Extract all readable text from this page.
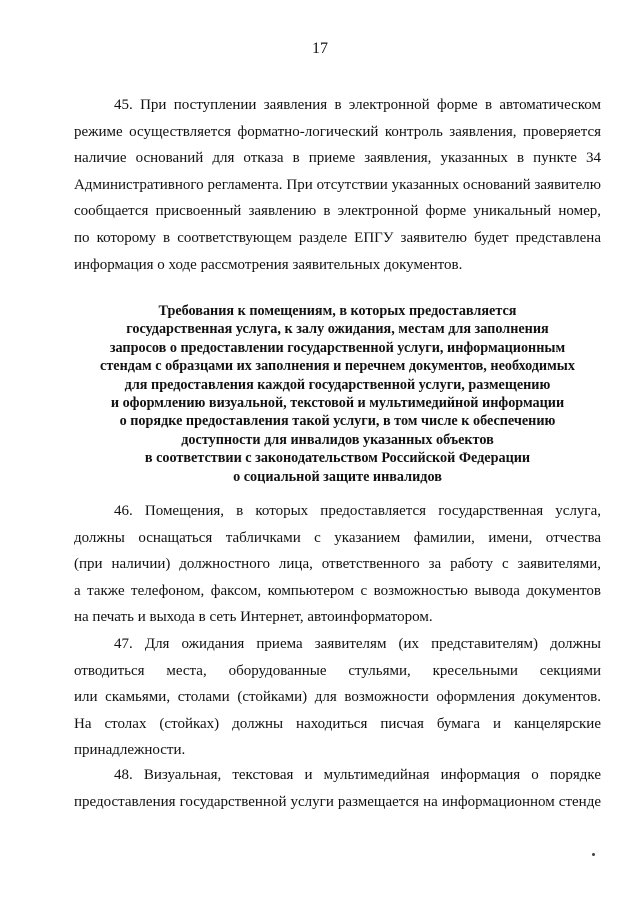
17
45. При поступлении заявления в электронной форме в автоматическом
режиме осуществляется форматно-логический контроль заявления, проверяется
наличие оснований для отказа в приеме заявления, указанных в пункте 34
Административного регламента. При отсутствии указанных оснований заявителю
сообщается присвоенный заявлению в электронной форме уникальный номер,
по которому в соответствующем разделе ЕПГУ заявителю будет представлена
информация о ходе рассмотрения заявительных документов.
Требования к помещениям, в которых предоставляется
государственная услуга, к залу ожидания, местам для заполнения
запросов о предоставлении государственной услуги, информационным
стендам с образцами их заполнения и перечнем документов, необходимых
для предоставления каждой государственной услуги, размещению
и оформлению визуальной, текстовой и мультимедийной информации
о порядке предоставления такой услуги, в том числе к обеспечению
доступности для инвалидов указанных объектов
в соответствии с законодательством Российской Федерации
о социальной защите инвалидов
46. Помещения, в которых предоставляется государственная услуга,
должны оснащаться табличками с указанием фамилии, имени, отчества
(при наличии) должностного лица, ответственного за работу с заявителями,
а также телефоном, факсом, компьютером с возможностью вывода документов
на печать и выхода в сеть Интернет, автоинформатором.
47. Для ожидания приема заявителям (их представителям) должны
отводиться места, оборудованные стульями, кресельными секциями
или скамьями, столами (стойками) для возможности оформления документов.
На столах (стойках) должны находиться писчая бумага и канцелярские
принадлежности.
48. Визуальная, текстовая и мультимедийная информация о порядке
предоставления государственной услуги размещается на информационном стенде
